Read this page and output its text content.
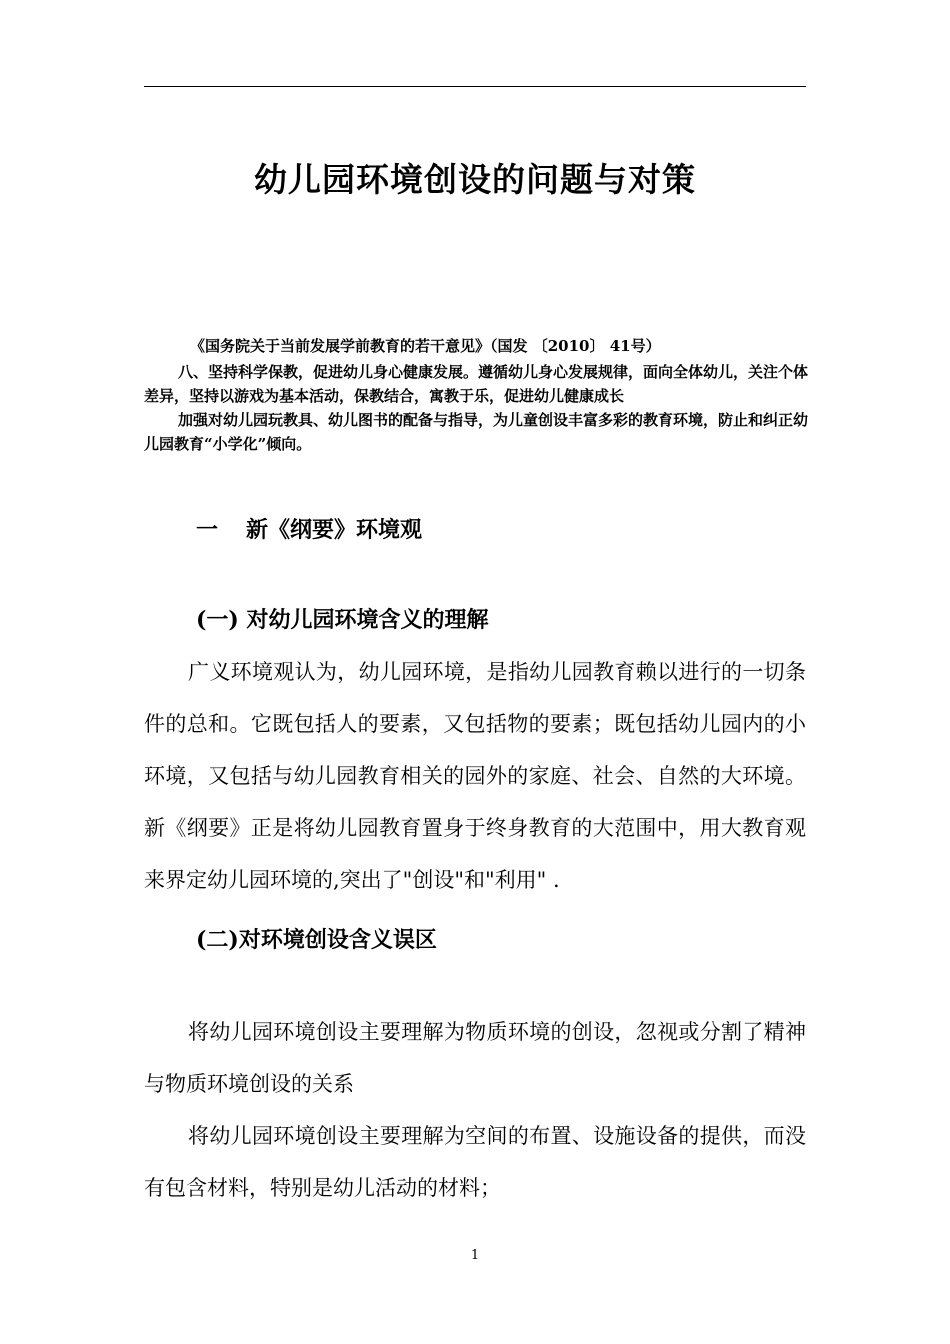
幼儿园环境创设的问题与对策

《国务院关于当前发展学前教育的若干意见》（国发 〔2010〕 41号）

八、坚持科学保教，促进幼儿身心健康发展。遵循幼儿身心发展规律，面向全体幼儿，关注个体差异，坚持以游戏为基本活动，保教结合，寓教于乐，促进幼儿健康成长

加强对幼儿园玩教具、幼儿图书的配备与指导，为儿童创设丰富多彩的教育环境，防止和纠正幼儿园教育“小学化”倾向。

一 新《纲要》环境观
(一) 对幼儿园环境含义的理解

广义环境观认为，幼儿园环境，是指幼儿园教育赖以进行的一切条件的总和。它既包括人的要素，又包括物的要素；既包括幼儿园内的小环境，又包括与幼儿园教育相关的园外的家庭、社会、自然的大环境。新《纲要》正是将幼儿园教育置身于终身教育的大范围中，用大教育观来界定幼儿园环境的,突出了"创设"和"利用" .

(二)对环境创设含义误区

将幼儿园环境创设主要理解为物质环境的创设，忽视或分割了精神与物质环境创设的关系

将幼儿园环境创设主要理解为空间的布置、设施设备的提供，而没有包含材料，特别是幼儿活动的材料；

1
